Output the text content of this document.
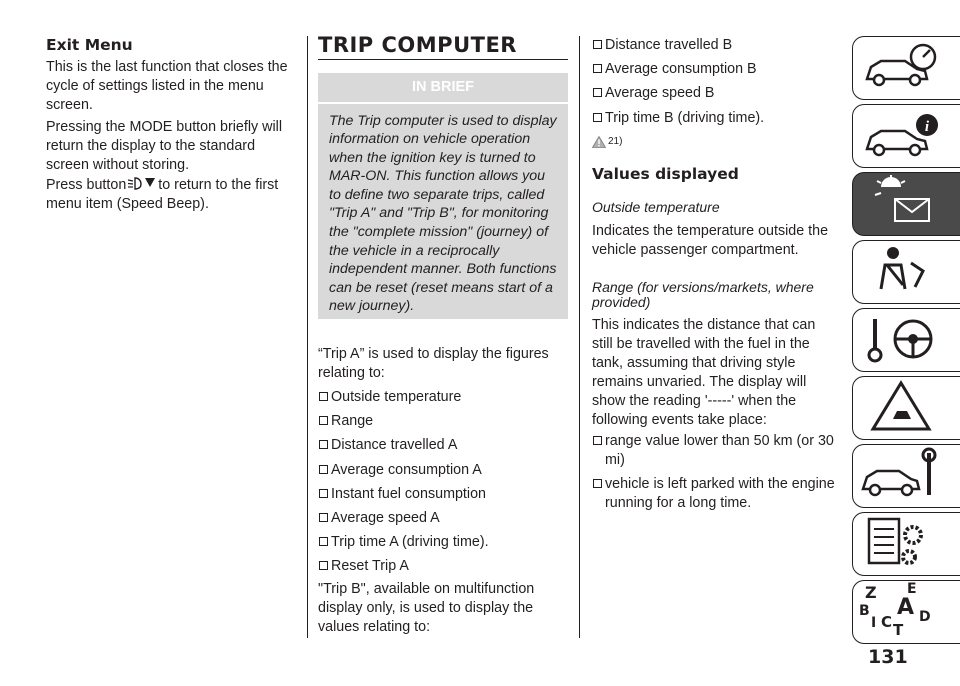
Exit Menu

This is the last function that closes the cycle of settings listed in the menu screen.

Pressing the MODE button briefly will return the display to the standard screen without storing.

Press button to return to the first menu item (Speed Beep).

TRIP COMPUTER
IN BRIEF
The Trip computer is used to display information on vehicle operation when the ignition key is turned to MAR-ON. This function allows you to define two separate trips, called "Trip A" and "Trip B", for monitoring the "complete mission" (journey) of the vehicle in a reciprocally independent manner. Both functions can be reset (reset means start of a new journey).

“Trip A” is used to display the figures relating to:

Outside temperature
Range
Distance travelled A
Average consumption A
Instant fuel consumption
Average speed A
Trip time A (driving time).
Reset Trip A

"Trip B", available on multifunction display only, is used to display the values relating to:

Distance travelled B
Average consumption B
Average speed B
Trip time B (driving time).
21)
Values displayed
Outside temperature

Indicates the temperature outside the vehicle passenger compartment.

Range (for versions/markets, where provided)

This indicates the distance that can still be travelled with the fuel in the tank, assuming that driving style remains unvaried. The display will show the reading '-----' when the following events take place:

range value lower than 50 km (or 30 mi)
vehicle is left parked with the engine running for a long time.
i
Z E
B A D
I C T
131
